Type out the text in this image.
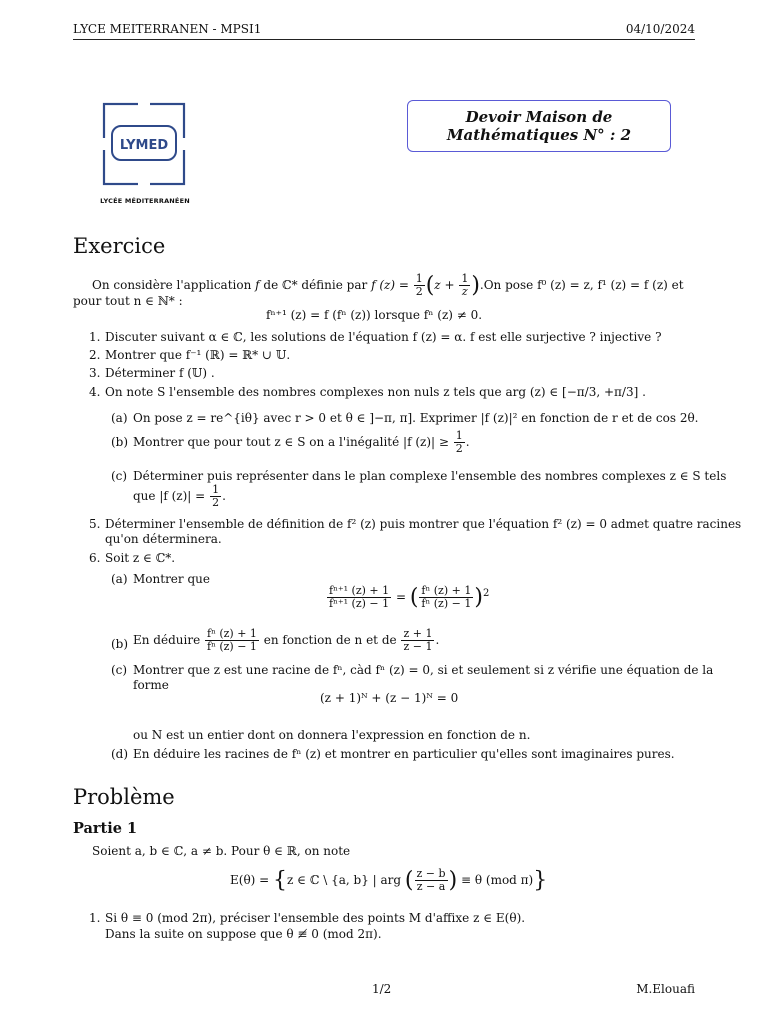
LYCE MEITERRANEN - MPSI1	04/10/2024
LYMED
LYCÉE MÉDITERRANÉEN
Devoir Maison de
Mathématiques N° : 2
Exercice
On considère l'application f de ℂ* définie par f $(z) = \frac{1}{2} (z + \frac{1}{z} ).On$ pose f⁰ (z) = z, f¹ (z) = f (z) et
pour tout n ∈ ℕ* :
fⁿ⁺¹ (z) = f (fⁿ (z)) lorsque fⁿ (z) ≠ 0.
1. Discuter suivant α ∈ ℂ, les solutions de l'équation f (z) = α. f est elle surjective ? injective ?
2. Montrer que f⁻¹ (ℝ) = ℝ* ∪ 𝕌.
3. Déterminer f (𝕌) .
4. On note S l'ensemble des nombres complexes non nuls z tels que arg (z) ∈ [−π/3, +π/3] .
(a) On pose z = re^{iθ} avec r > 0 et θ ∈ ]−π, π]. Exprimer |f (z)|² en fonction de r et de cos 2θ.
(b) Montrer que pour tout z ∈ S on a l'inégalité |f $(z)| \ge \frac{1}{2}$ .
(c) Déterminer puis représenter dans le plan complexe l'ensemble des nombres complexes z ∈ S tels
que |f $(z)| = \frac{1}{2}$ .
5. Déterminer l'ensemble de définition de f² (z) puis montrer que l'équation f² (z) = 0 admet quatre racines
qu'on déterminera.
6. Soit z ∈ ℂ*.
(a) Montrer que
$\frac{\text{fⁿ⁺¹ (z) + 1}}{\text{fⁿ⁺¹ (z) − 1}}$ = ( $\frac{\text{fⁿ (z) + 1}}{\text{fⁿ (z) − 1}} )^2$
(b) En déduire $\frac{\text{fⁿ (z) + 1}}{\text{fⁿ (z) − 1}}$ en fonction de n et de $\frac{z + 1}{z - 1}$ .
(c) Montrer que z est une racine de fⁿ, càd fⁿ (z) = 0, si et seulement si z vérifie une équation de la
forme
(z + 1)ᴺ + (z − 1)ᴺ = 0
ou N est un entier dont on donnera l'expression en fonction de n.
(d) En déduire les racines de fⁿ (z) et montrer en particulier qu'elles sont imaginaires pures.
Problème
Partie 1
Soient a, b ∈ ℂ, a ≠ b. Pour θ ∈ ℝ, on note
E(θ) = {z ∈ ℂ \ {a, b} | arg ( $\frac{z - b}{z - a}$ ) ≡ θ (mod π)}
1. Si θ ≡ 0 (mod 2π), préciser l'ensemble des points M d'affixe z ∈ E(θ).
Dans la suite on suppose que θ ≢ 0 (mod 2π).
1/2	M.Elouafi
